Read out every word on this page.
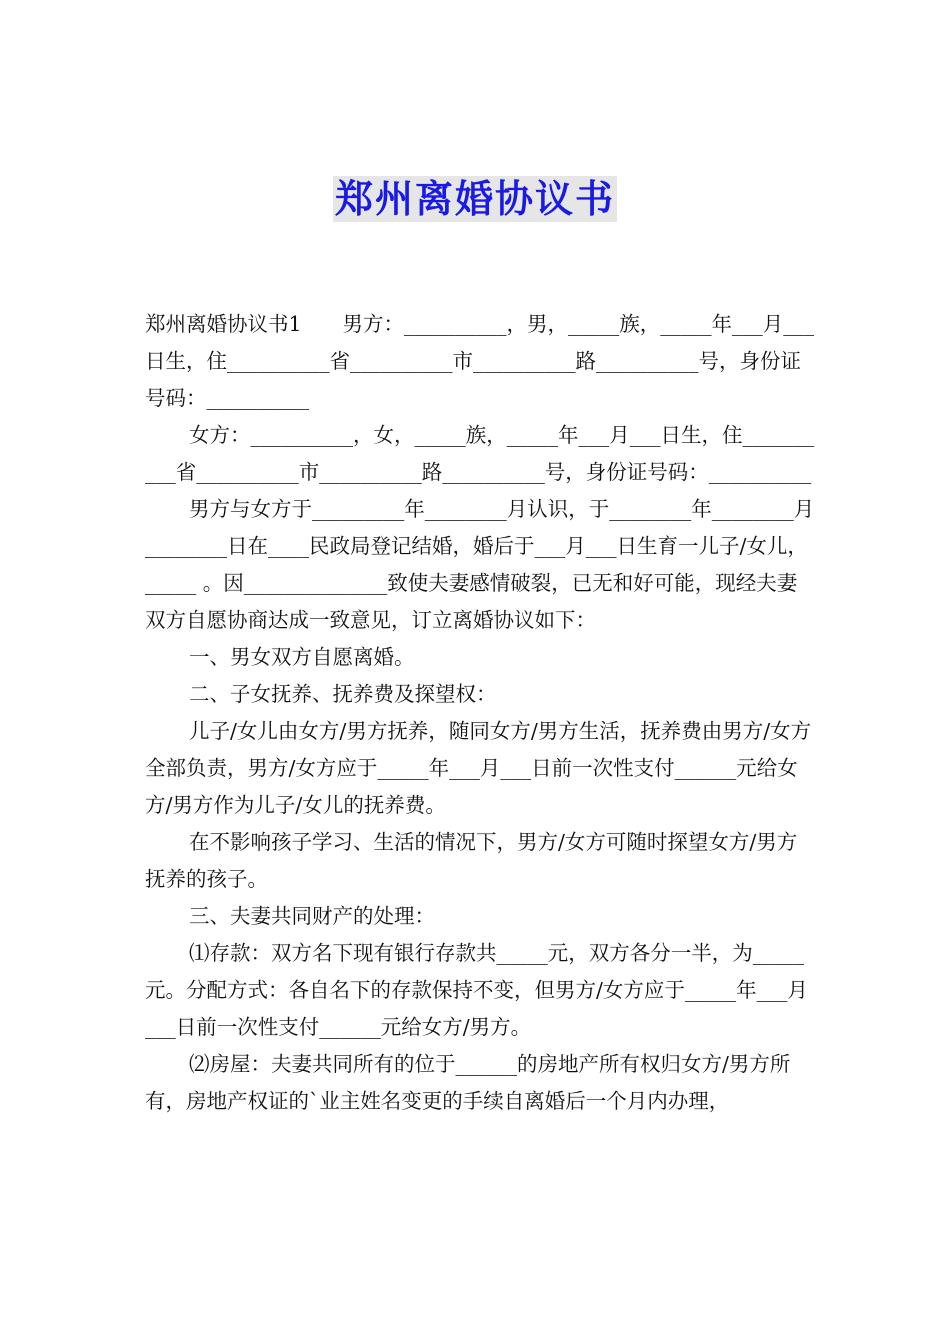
郑州离婚协议书

郑州离婚协议书1　　男方：__________，男，_____族，_____年___月___日生，住__________省__________市__________路__________号，身份证号码：__________

女方：__________，女，_____族，_____年___月___日生，住__________省__________市__________路__________号，身份证号码：__________

男方与女方于_________年________月认识，于________年________月________日在____民政局登记结婚，婚后于___月___日生育一儿子/女儿，_____ 。因______________致使夫妻感情破裂，已无和好可能，现经夫妻双方自愿协商达成一致意见，订立离婚协议如下：

一、男女双方自愿离婚。

二、子女抚养、抚养费及探望权：

儿子/女儿由女方/男方抚养，随同女方/男方生活，抚养费由男方/女方全部负责，男方/女方应于_____年___月___日前一次性支付______元给女方/男方作为儿子/女儿的抚养费。

在不影响孩子学习、生活的情况下，男方/女方可随时探望女方/男方抚养的孩子。

三、夫妻共同财产的处理：

⑴存款：双方名下现有银行存款共_____元，双方各分一半，为_____元。分配方式：各自名下的存款保持不变，但男方/女方应于_____年___月___日前一次性支付______元给女方/男方。

⑵房屋：夫妻共同所有的位于______的房地产所有权归女方/男方所有，房地产权证的`业主姓名变更的手续自离婚后一个月内办理，
